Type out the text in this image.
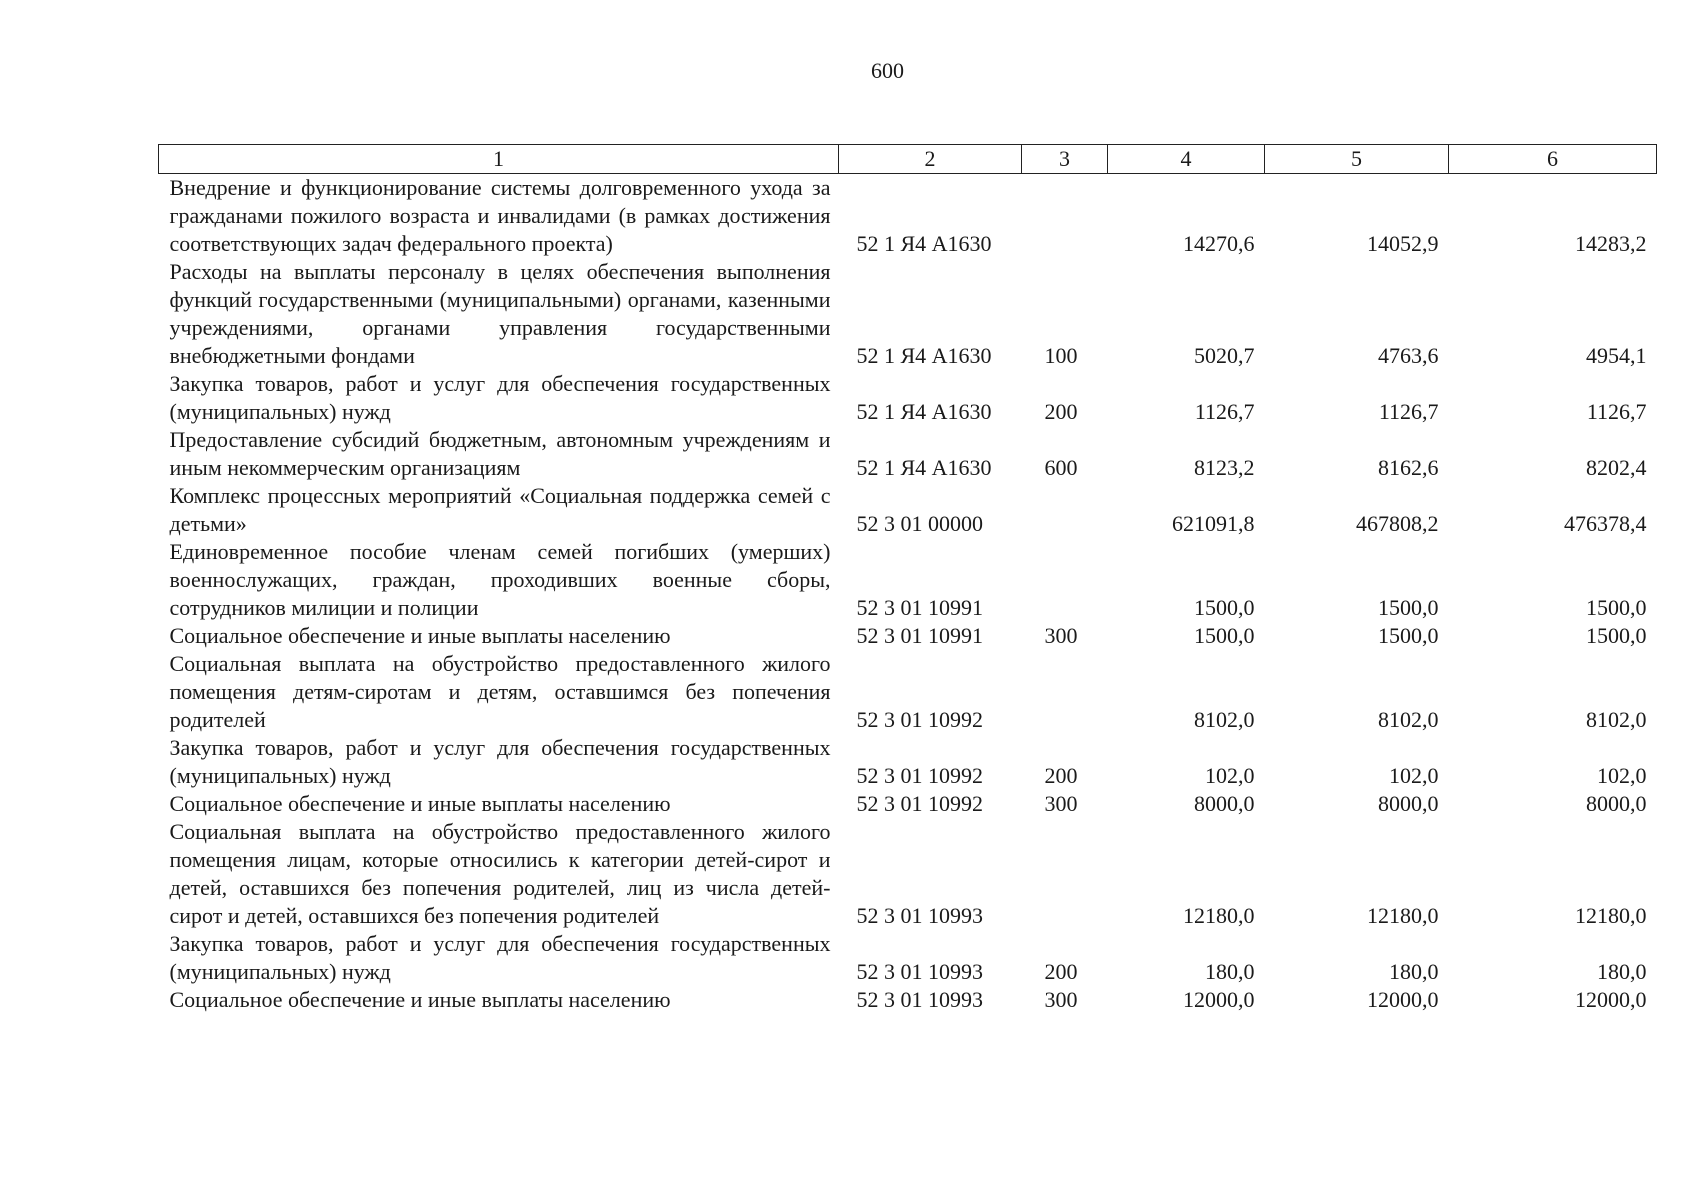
600
1	2	3	4	5	6
Внедрение и функционирование системы долговременного ухода за гражданами пожилого возраста и инвалидами (в рамках достижения соответствующих задач федерального проекта)	52 1 Я4 А1630		14270,6	14052,9	14283,2
Расходы на выплаты персоналу в целях обеспечения выполнения функций государственными (муниципальными) органами, казенными учреждениями, органами управления государственными внебюджетными фондами	52 1 Я4 А1630	100	5020,7	4763,6	4954,1
Закупка товаров, работ и услуг для обеспечения государственных (муниципальных) нужд	52 1 Я4 А1630	200	1126,7	1126,7	1126,7
Предоставление субсидий бюджетным, автономным учреждениям и иным некоммерческим организациям	52 1 Я4 А1630	600	8123,2	8162,6	8202,4
Комплекс процессных мероприятий «Социальная поддержка семей с детьми»	52 3 01 00000		621091,8	467808,2	476378,4
Единовременное пособие членам семей погибших (умерших) военнослужащих, граждан, проходивших военные сборы, сотрудников милиции и полиции	52 3 01 10991		1500,0	1500,0	1500,0
Социальное обеспечение и иные выплаты населению	52 3 01 10991	300	1500,0	1500,0	1500,0
Социальная выплата на обустройство предоставленного жилого помещения детям-сиротам и детям, оставшимся без попечения родителей	52 3 01 10992		8102,0	8102,0	8102,0
Закупка товаров, работ и услуг для обеспечения государственных (муниципальных) нужд	52 3 01 10992	200	102,0	102,0	102,0
Социальное обеспечение и иные выплаты населению	52 3 01 10992	300	8000,0	8000,0	8000,0
Социальная выплата на обустройство предоставленного жилого помещения лицам, которые относились к категории детей-сирот и детей, оставшихся без попечения родителей, лиц из числа детей-сирот и детей, оставшихся без попечения родителей	52 3 01 10993		12180,0	12180,0	12180,0
Закупка товаров, работ и услуг для обеспечения государственных (муниципальных) нужд	52 3 01 10993	200	180,0	180,0	180,0
Социальное обеспечение и иные выплаты населению	52 3 01 10993	300	12000,0	12000,0	12000,0
